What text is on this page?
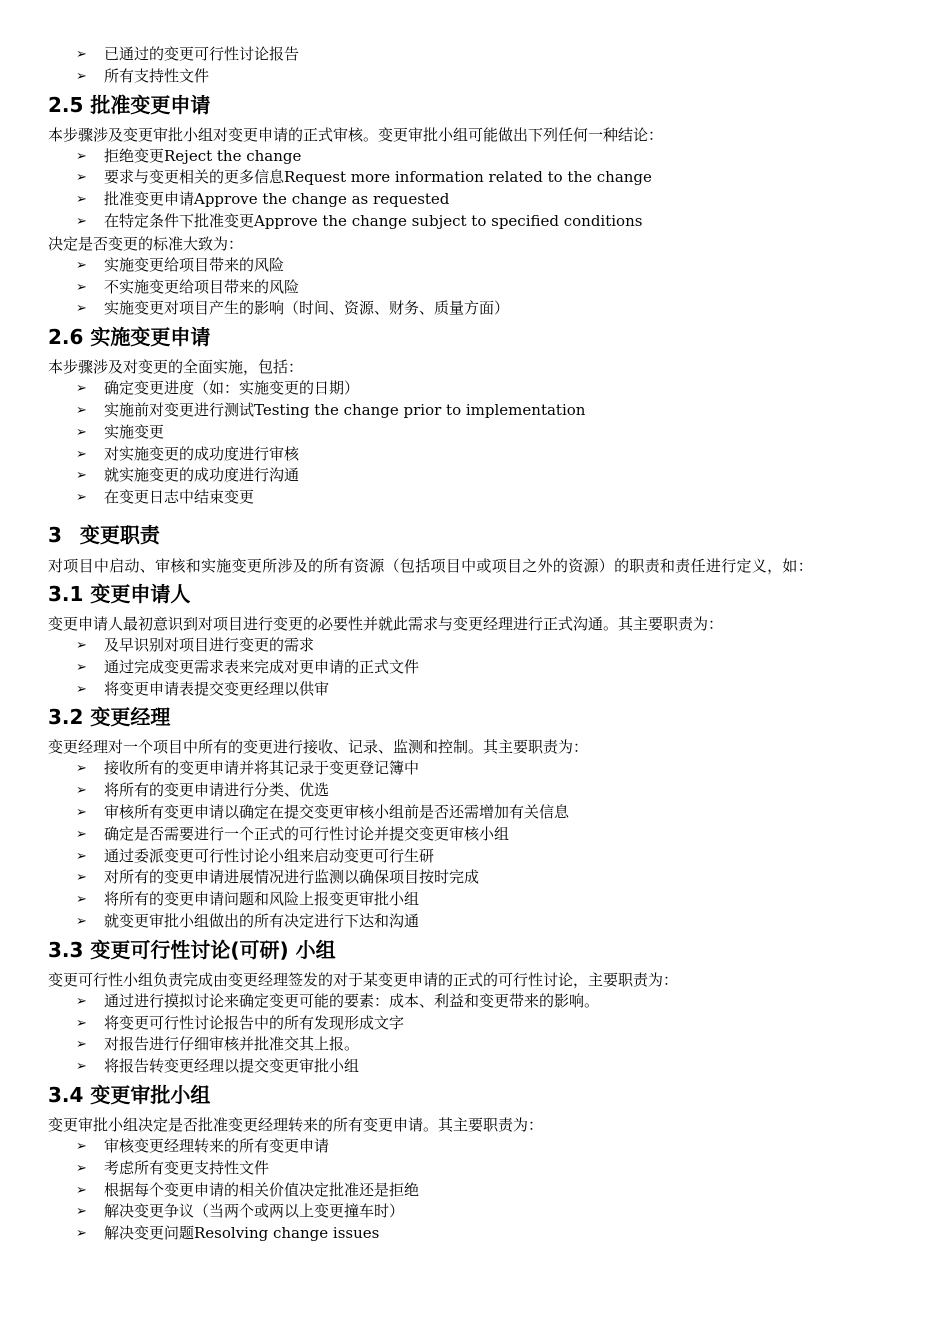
➢ 已通过的变更可行性讨论报告
➢ 所有支持性文件
2.5 批准变更申请

本步骤涉及变更审批小组对变更申请的正式审核。变更审批小组可能做出下列任何一种结论：

➢ 拒绝变更Reject the change
➢ 要求与变更相关的更多信息Request more information related to the change
➢ 批准变更申请Approve the change as requested
➢ 在特定条件下批准变更Approve the change subject to specified conditions

决定是否变更的标准大致为：

➢ 实施变更给项目带来的风险
➢ 不实施变更给项目带来的风险
➢ 实施变更对项目产生的影响（时间、资源、财务、质量方面）
2.6 实施变更申请

本步骤涉及对变更的全面实施，包括：

➢ 确定变更进度（如：实施变更的日期）
➢ 实施前对变更进行测试Testing the change prior to implementation
➢ 实施变更
➢ 对实施变更的成功度进行审核
➢ 就实施变更的成功度进行沟通
➢ 在变更日志中结束变更
3 变更职责

对项目中启动、审核和实施变更所涉及的所有资源（包括项目中或项目之外的资源）的职责和责任进行定义，如：

3.1 变更申请人

变更申请人最初意识到对项目进行变更的必要性并就此需求与变更经理进行正式沟通。其主要职责为：

➢ 及早识别对项目进行变更的需求
➢ 通过完成变更需求表来完成对更申请的正式文件
➢ 将变更申请表提交变更经理以供审
3.2 变更经理

变更经理对一个项目中所有的变更进行接收、记录、监测和控制。其主要职责为：

➢ 接收所有的变更申请并将其记录于变更登记簿中
➢ 将所有的变更申请进行分类、优选
➢ 审核所有变更申请以确定在提交变更审核小组前是否还需增加有关信息
➢ 确定是否需要进行一个正式的可行性讨论并提交变更审核小组
➢ 通过委派变更可行性讨论小组来启动变更可行生研
➢ 对所有的变更申请进展情况进行监测以确保项目按时完成
➢ 将所有的变更申请问题和风险上报变更审批小组
➢ 就变更审批小组做出的所有决定进行下达和沟通
3.3 变更可行性讨论(可研) 小组

变更可行性小组负责完成由变更经理签发的对于某变更申请的正式的可行性讨论，主要职责为：

➢ 通过进行摸拟讨论来确定变更可能的要素：成本、利益和变更带来的影响。
➢ 将变更可行性讨论报告中的所有发现形成文字
➢ 对报告进行仔细审核并批准交其上报。
➢ 将报告转变更经理以提交变更审批小组
3.4 变更审批小组

变更审批小组决定是否批准变更经理转来的所有变更申请。其主要职责为：

➢ 审核变更经理转来的所有变更申请
➢ 考虑所有变更支持性文件
➢ 根据每个变更申请的相关价值决定批准还是拒绝
➢ 解决变更争议（当两个或两以上变更撞车时）
➢ 解决变更问题Resolving change issues
